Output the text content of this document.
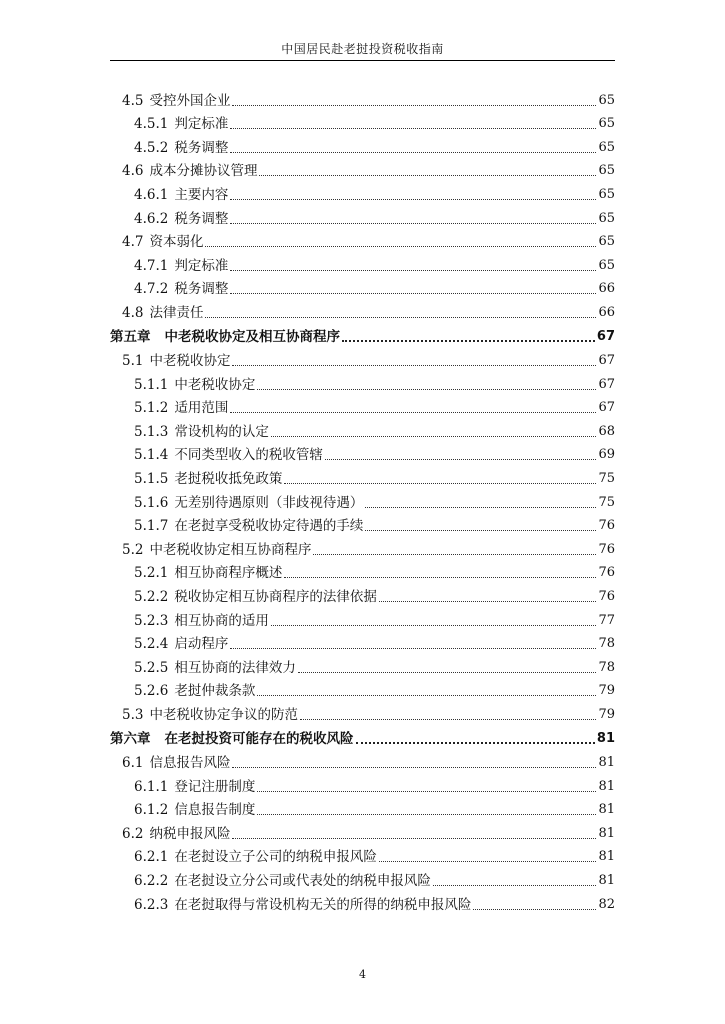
中国居民赴老挝投资税收指南
4.5 受控外国企业	65
4.5.1 判定标准	65
4.5.2 税务调整	65
4.6 成本分摊协议管理	65
4.6.1 主要内容	65
4.6.2 税务调整	65
4.7 资本弱化	65
4.7.1 判定标准	65
4.7.2 税务调整	66
4.8 法律责任	66
第五章 中老税收协定及相互协商程序	67
5.1 中老税收协定	67
5.1.1 中老税收协定	67
5.1.2 适用范围	67
5.1.3 常设机构的认定	68
5.1.4 不同类型收入的税收管辖	69
5.1.5 老挝税收抵免政策	75
5.1.6 无差别待遇原则（非歧视待遇）	75
5.1.7 在老挝享受税收协定待遇的手续	76
5.2 中老税收协定相互协商程序	76
5.2.1 相互协商程序概述	76
5.2.2 税收协定相互协商程序的法律依据	76
5.2.3 相互协商的适用	77
5.2.4 启动程序	78
5.2.5 相互协商的法律效力	78
5.2.6 老挝仲裁条款	79
5.3 中老税收协定争议的防范	79
第六章 在老挝投资可能存在的税收风险	81
6.1 信息报告风险	81
6.1.1 登记注册制度	81
6.1.2 信息报告制度	81
6.2 纳税申报风险	81
6.2.1 在老挝设立子公司的纳税申报风险	81
6.2.2 在老挝设立分公司或代表处的纳税申报风险	81
6.2.3 在老挝取得与常设机构无关的所得的纳税申报风险	82
4
